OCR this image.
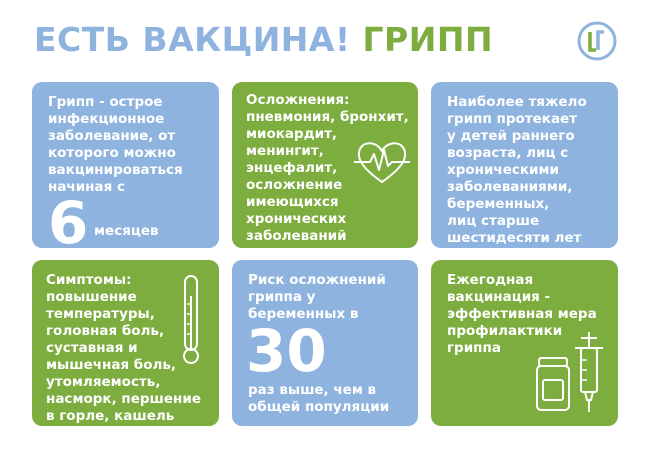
ЕСТЬ ВАКЦИНА! ГРИПП
Грипп - острое
инфекционное
заболевание, от
которого можно
вакцинироваться
начиная с
6 месяцев
Осложнения:
пневмония, бронхит,
миокардит,
менингит,
энцефалит,
осложнение
имеющихся
хронических
заболеваний
Наиболее тяжело
грипп протекает
у детей раннего
возраста, лиц с
хроническими
заболеваниями,
беременных,
лиц старше
шестидесяти лет
Симптомы:
повышение
температуры,
головная боль,
суставная и
мышечная боль,
утомляемость,
насморк, першение
в горле, кашель
Риск осложнений
гриппа у
беременных в
30
раз выше, чем в
общей популяции
Ежегодная
вакцинация -
эффективная мера
профилактики
гриппа
